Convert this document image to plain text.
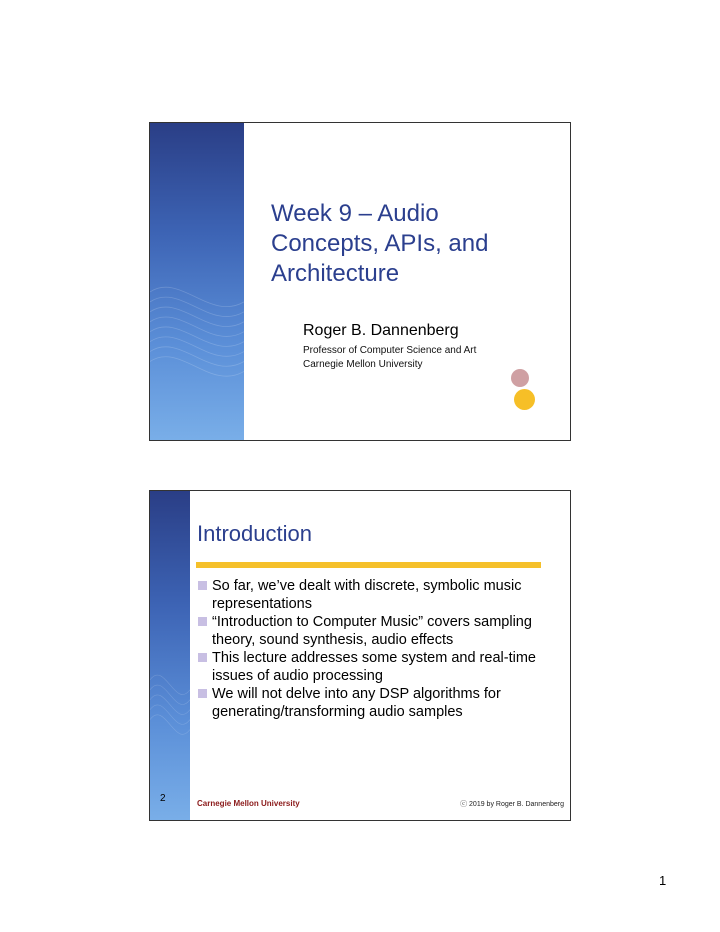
Week 9 – Audio
Concepts, APIs, and
Architecture
Roger B. Dannenberg
Professor of Computer Science and Art
Carnegie Mellon University
Introduction
So far, we’ve dealt with discrete, symbolic music representations
“Introduction to Computer Music” covers sampling theory, sound synthesis, audio effects
This lecture addresses some system and real-time issues of audio processing
We will not delve into any DSP algorithms for generating/transforming audio samples
2	Carnegie Mellon University	ⓒ 2019 by Roger B. Dannenberg
1
